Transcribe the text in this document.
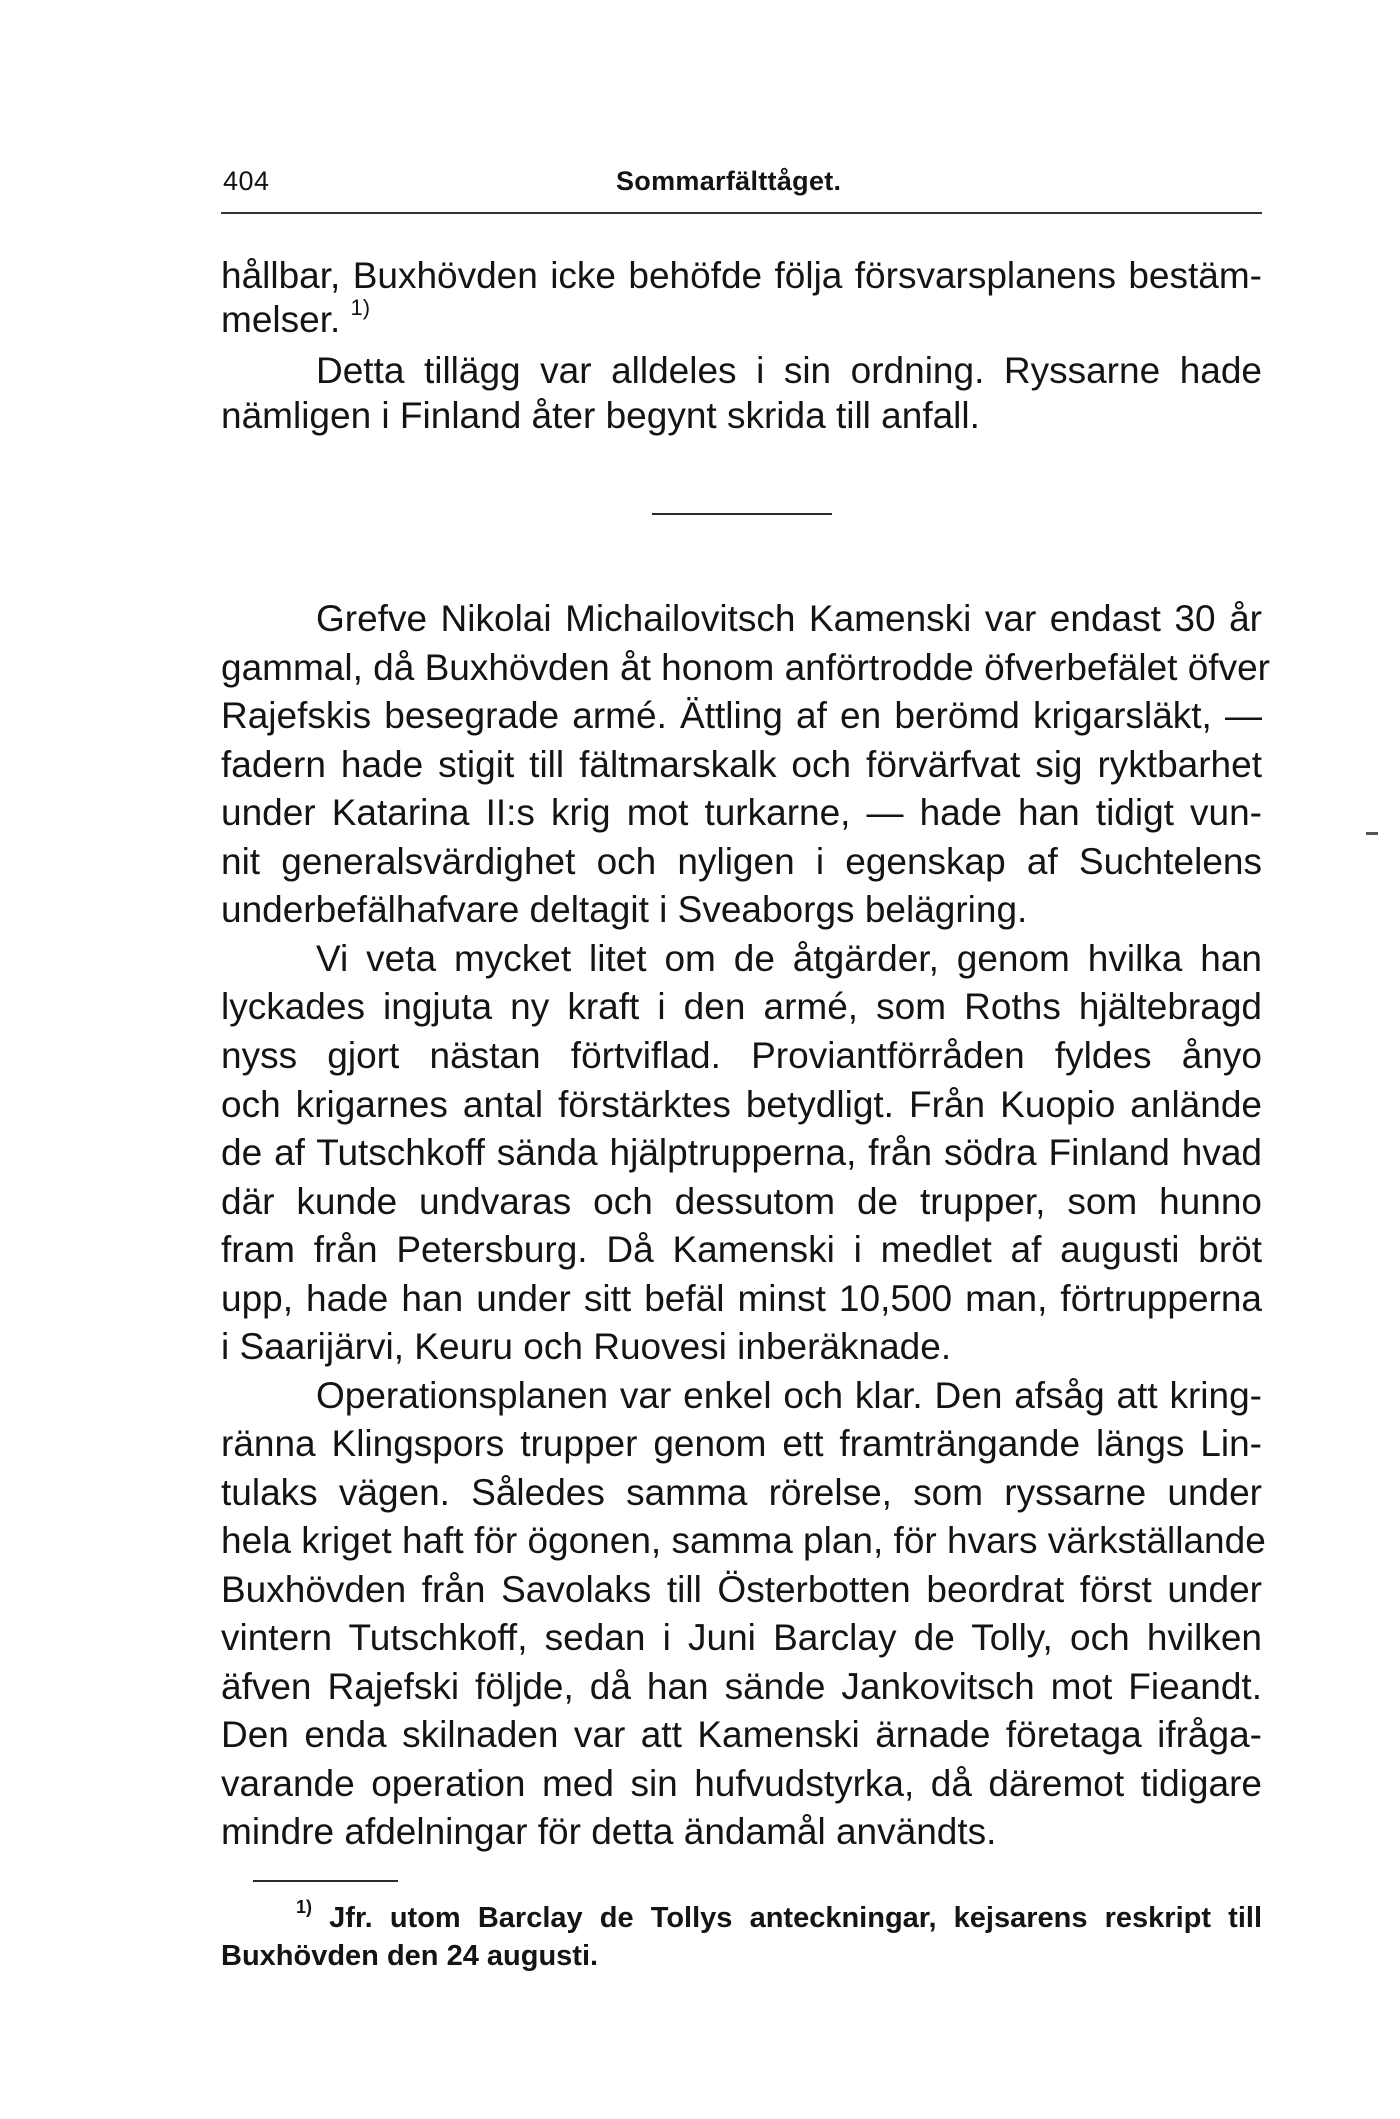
404	Sommarfälttåget.
hållbar, Buxhövden icke behöfde följa försvarsplanens bestäm-
melser. $^{1)}$
Detta tillägg var alldeles i sin ordning. Ryssarne hade
nämligen i Finland åter begynt skrida till anfall.
Grefve Nikolai Michailovitsch Kamenski var endast 30 år
gammal, då Buxhövden åt honom anförtrodde öfverbefälet öfver
Rajefskis besegrade armé. Ättling af en berömd krigarsläkt, —
fadern hade stigit till fältmarskalk och förvärfvat sig ryktbarhet
under Katarina II:s krig mot turkarne, — hade han tidigt vun-
nit generalsvärdighet och nyligen i egenskap af Suchtelens
underbefälhafvare deltagit i Sveaborgs belägring.
Vi veta mycket litet om de åtgärder, genom hvilka han
lyckades ingjuta ny kraft i den armé, som Roths hjältebragd
nyss gjort nästan förtviflad. Proviantförråden fyldes ånyo
och krigarnes antal förstärktes betydligt. Från Kuopio anlände
de af Tutschkoff sända hjälptrupperna, från södra Finland hvad
där kunde undvaras och dessutom de trupper, som hunno
fram från Petersburg. Då Kamenski i medlet af augusti bröt
upp, hade han under sitt befäl minst 10,500 man, förtrupperna
i Saarijärvi, Keuru och Ruovesi inberäknade.
Operationsplanen var enkel och klar. Den afsåg att kring-
ränna Klingspors trupper genom ett framträngande längs Lin-
tulaks vägen. Således samma rörelse, som ryssarne under
hela kriget haft för ögonen, samma plan, för hvars värkställande
Buxhövden från Savolaks till Österbotten beordrat först under
vintern Tutschkoff, sedan i Juni Barclay de Tolly, och hvilken
äfven Rajefski följde, då han sände Jankovitsch mot Fieandt.
Den enda skilnaden var att Kamenski ärnade företaga ifråga-
varande operation med sin hufvudstyrka, då däremot tidigare
mindre afdelningar för detta ändamål användts.
$^{1)}$ Jfr. utom Barclay de Tollys anteckningar, kejsarens reskript till
Buxhövden den 24 augusti.
